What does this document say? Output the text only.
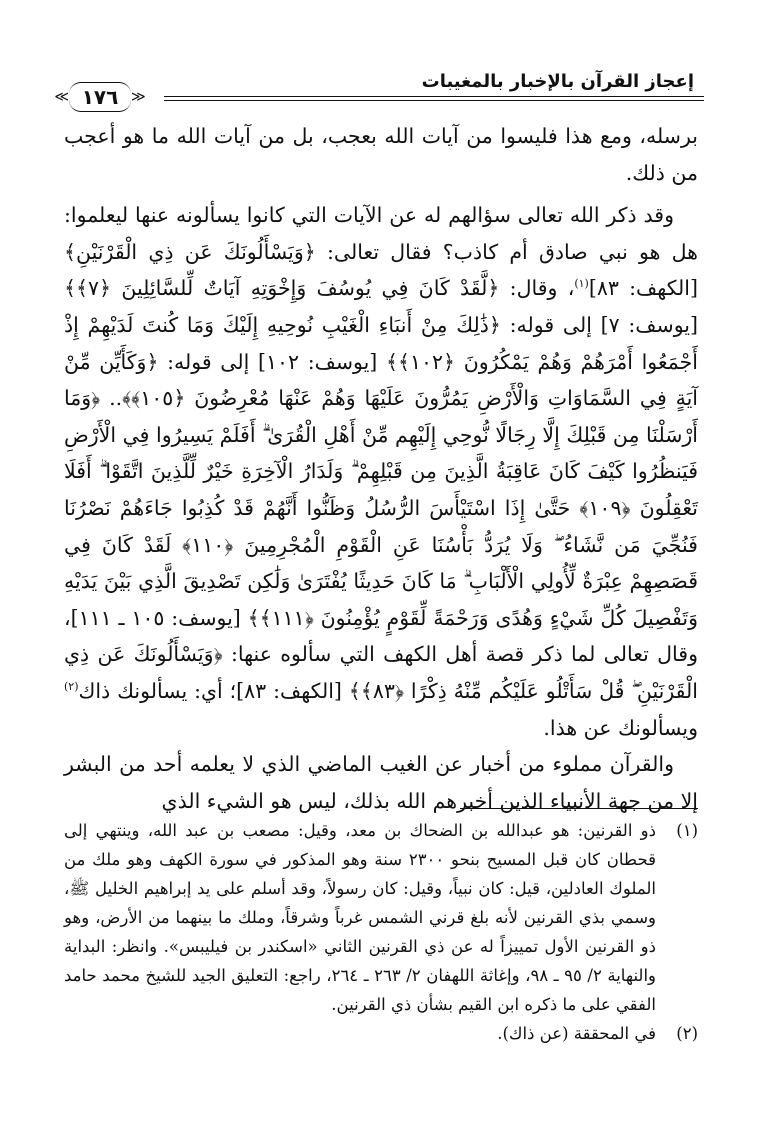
إعجاز القرآن بالإخبار بالمغيبات
≪ ١٧٦ ≫

برسله، ومع هذا فليسوا من آيات الله بعجب، بل من آيات الله ما هو أعجب من ذلك.

وقد ذكر الله تعالى سؤالهم له عن الآيات التي كانوا يسألونه عنها ليعلموا: هل هو نبي صادق أم كاذب؟ فقال تعالى: ﴿وَيَسْأَلُونَكَ عَن ذِي الْقَرْنَيْنِ﴾ [الكهف: ٨٣]$^{(١)}$، وقال: ﴿لَّقَدْ كَانَ فِي يُوسُفَ وَإِخْوَتِهِ آيَاتٌ لِّلسَّائِلِينَ ﴿٧﴾﴾ [يوسف: ٧] إلى قوله: ﴿ذَٰلِكَ مِنْ أَنبَاءِ الْغَيْبِ نُوحِيهِ إِلَيْكَ وَمَا كُنتَ لَدَيْهِمْ إِذْ أَجْمَعُوا أَمْرَهُمْ وَهُمْ يَمْكُرُونَ ﴿١٠٢﴾﴾ [يوسف: ١٠٢] إلى قوله: ﴿وَكَأَيِّن مِّنْ آيَةٍ فِي السَّمَاوَاتِ وَالْأَرْضِ يَمُرُّونَ عَلَيْهَا وَهُمْ عَنْهَا مُعْرِضُونَ ﴿١٠٥﴾﴾.. ﴿وَمَا أَرْسَلْنَا مِن قَبْلِكَ إِلَّا رِجَالًا نُّوحِي إِلَيْهِم مِّنْ أَهْلِ الْقُرَىٰ ۗ أَفَلَمْ يَسِيرُوا فِي الْأَرْضِ فَيَنظُرُوا كَيْفَ كَانَ عَاقِبَةُ الَّذِينَ مِن قَبْلِهِمْ ۗ وَلَدَارُ الْآخِرَةِ خَيْرٌ لِّلَّذِينَ اتَّقَوْا ۗ أَفَلَا تَعْقِلُونَ ﴿١٠٩﴾ حَتَّىٰ إِذَا اسْتَيْأَسَ الرُّسُلُ وَظَنُّوا أَنَّهُمْ قَدْ كُذِبُوا جَاءَهُمْ نَصْرُنَا فَنُجِّيَ مَن نَّشَاءُ ۖ وَلَا يُرَدُّ بَأْسُنَا عَنِ الْقَوْمِ الْمُجْرِمِينَ ﴿١١٠﴾ لَقَدْ كَانَ فِي قَصَصِهِمْ عِبْرَةٌ لِّأُولِي الْأَلْبَابِ ۗ مَا كَانَ حَدِيثًا يُفْتَرَىٰ وَلَٰكِن تَصْدِيقَ الَّذِي بَيْنَ يَدَيْهِ وَتَفْصِيلَ كُلِّ شَيْءٍ وَهُدًى وَرَحْمَةً لِّقَوْمٍ يُؤْمِنُونَ ﴿١١١﴾﴾ [يوسف: ١٠٥ ـ ١١١]، وقال تعالى لما ذكر قصة أهل الكهف التي سألوه عنها: ﴿وَيَسْأَلُونَكَ عَن ذِي الْقَرْنَيْنِ ۖ قُلْ سَأَتْلُو عَلَيْكُم مِّنْهُ ذِكْرًا ﴿٨٣﴾﴾ [الكهف: ٨٣]؛ أي: يسألونك ذاك$^{(٢)}$ ويسألونك عن هذا.

والقرآن مملوء من أخبار عن الغيب الماضي الذي لا يعلمه أحد من البشر إلا من جهة الأنبياء الذين أخبرهم الله بذلك، ليس هو الشيء الذي

(١)
ذو القرنين: هو عبدالله بن الضحاك بن معد، وقيل: مصعب بن عبد الله، وينتهي إلى قحطان كان قبل المسيح بنحو ٢٣٠٠ سنة وهو المذكور في سورة الكهف وهو ملك من الملوك العادلين، قيل: كان نبياً، وقيل: كان رسولاً، وقد أسلم على يد إبراهيم الخليل ﷺ، وسمي بذي القرنين لأنه بلغ قرني الشمس غرباً وشرقاً، وملك ما بينهما من الأرض، وهو ذو القرنين الأول تمييزاً له عن ذي القرنين الثاني «اسكندر بن فيليبس». وانظر: البداية والنهاية ٢/ ٩٥ ـ ٩٨، وإغاثة اللهفان ٢/ ٢٦٣ ـ ٢٦٤، راجع: التعليق الجيد للشيخ محمد حامد الفقي على ما ذكره ابن القيم بشأن ذي القرنين.
(٢)
في المحققة (عن ذاك).
